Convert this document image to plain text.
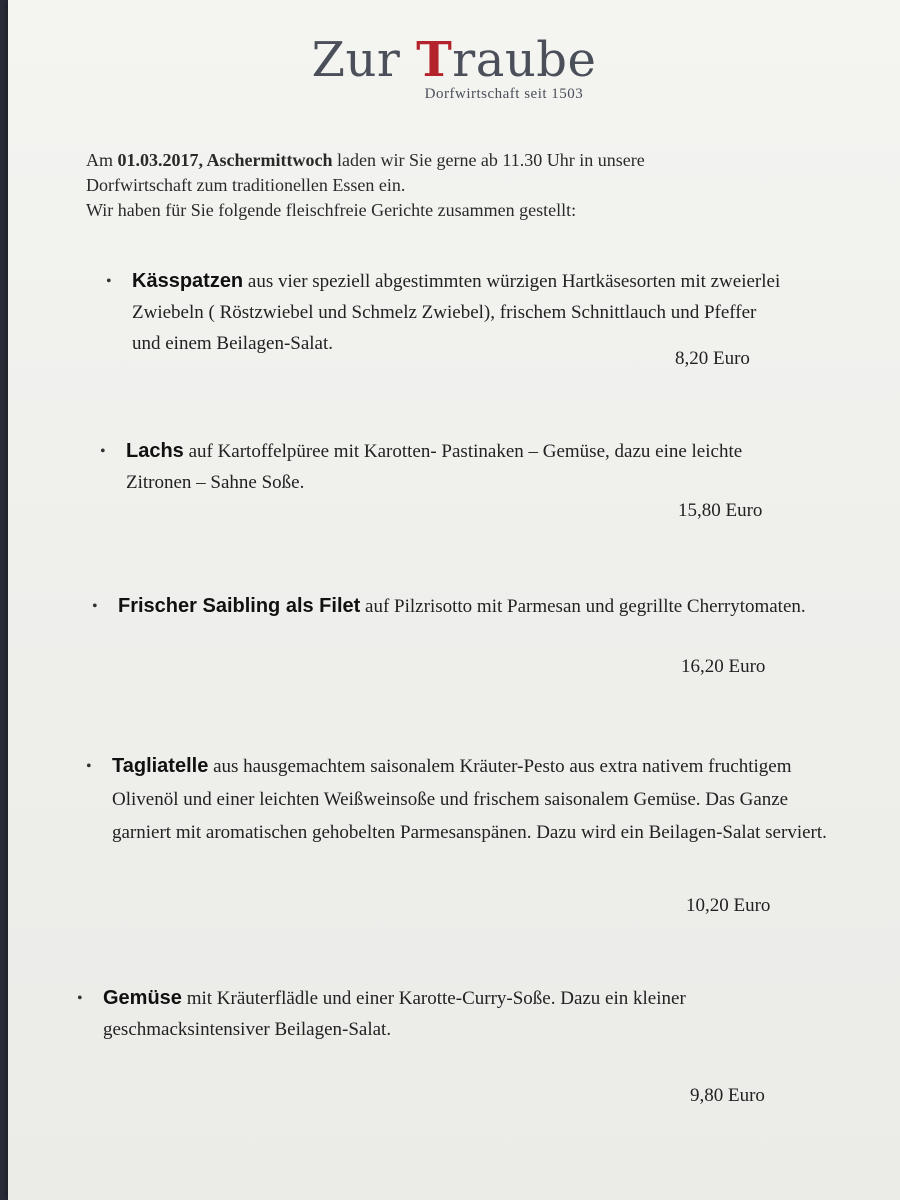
Zur Traube
Dorfwirtschaft seit 1503
Am 01.03.2017, Aschermittwoch laden wir Sie gerne ab 11.30 Uhr in unsere
Dorfwirtschaft zum traditionellen Essen ein.
Wir haben für Sie folgende fleischfreie Gerichte zusammen gestellt:
• Kässpatzen aus vier speziell abgestimmten würzigen Hartkäsesorten mit zweierlei Zwiebeln ( Röstzwiebel und Schmelz Zwiebel), frischem Schnittlauch und Pfeffer und einem Beilagen-Salat.
8,20 Euro
• Lachs auf Kartoffelpüree mit Karotten- Pastinaken – Gemüse, dazu eine leichte Zitronen – Sahne Soße.
15,80 Euro
• Frischer Saibling als Filet auf Pilzrisotto mit Parmesan und gegrillte Cherrytomaten.
16,20 Euro
• Tagliatelle aus hausgemachtem saisonalem Kräuter-Pesto aus extra nativem fruchtigem Olivenöl und einer leichten Weißweinsoße und frischem saisonalem Gemüse. Das Ganze garniert mit aromatischen gehobelten Parmesanspänen. Dazu wird ein Beilagen-Salat serviert.
10,20 Euro
• Gemüse mit Kräuterflädle und einer Karotte-Curry-Soße. Dazu ein kleiner geschmacksintensiver Beilagen-Salat.
9,80 Euro
